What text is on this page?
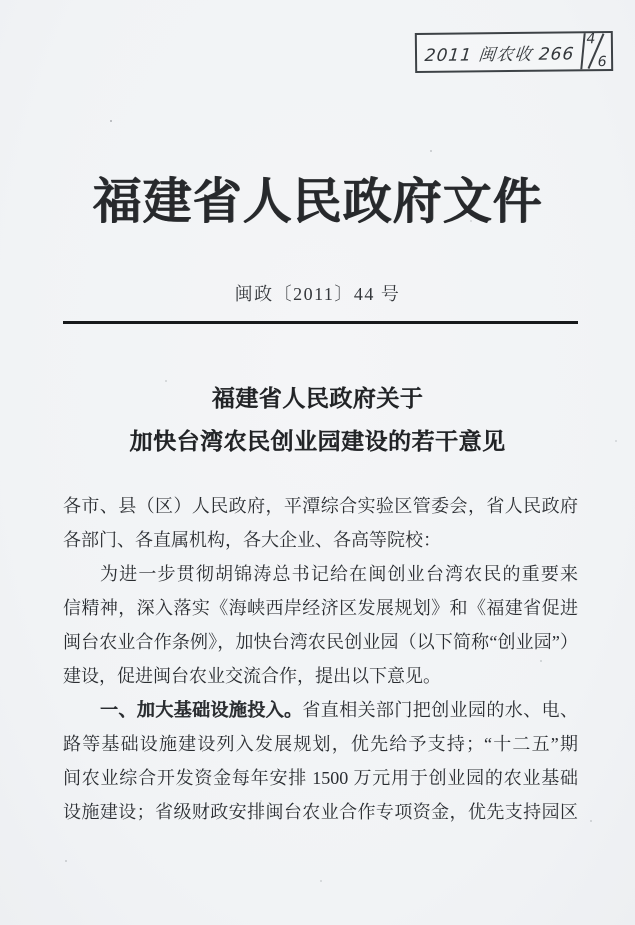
2011 闽农收 266
4
6
福建省人民政府文件
闽政〔2011〕44 号
福建省人民政府关于
加快台湾农民创业园建设的若干意见
各市、县（区）人民政府，平潭综合实验区管委会，省人民政府
各部门、各直属机构，各大企业、各高等院校：
为进一步贯彻胡锦涛总书记给在闽创业台湾农民的重要来
信精神，深入落实《海峡西岸经济区发展规划》和《福建省促进
闽台农业合作条例》，加快台湾农民创业园（以下简称“创业园”）
建设，促进闽台农业交流合作，提出以下意见。
一、加大基础设施投入。省直相关部门把创业园的水、电、
路等基础设施建设列入发展规划，优先给予支持；“十二五”期
间农业综合开发资金每年安排 1500 万元用于创业园的农业基础
设施建设；省级财政安排闽台农业合作专项资金，优先支持园区
